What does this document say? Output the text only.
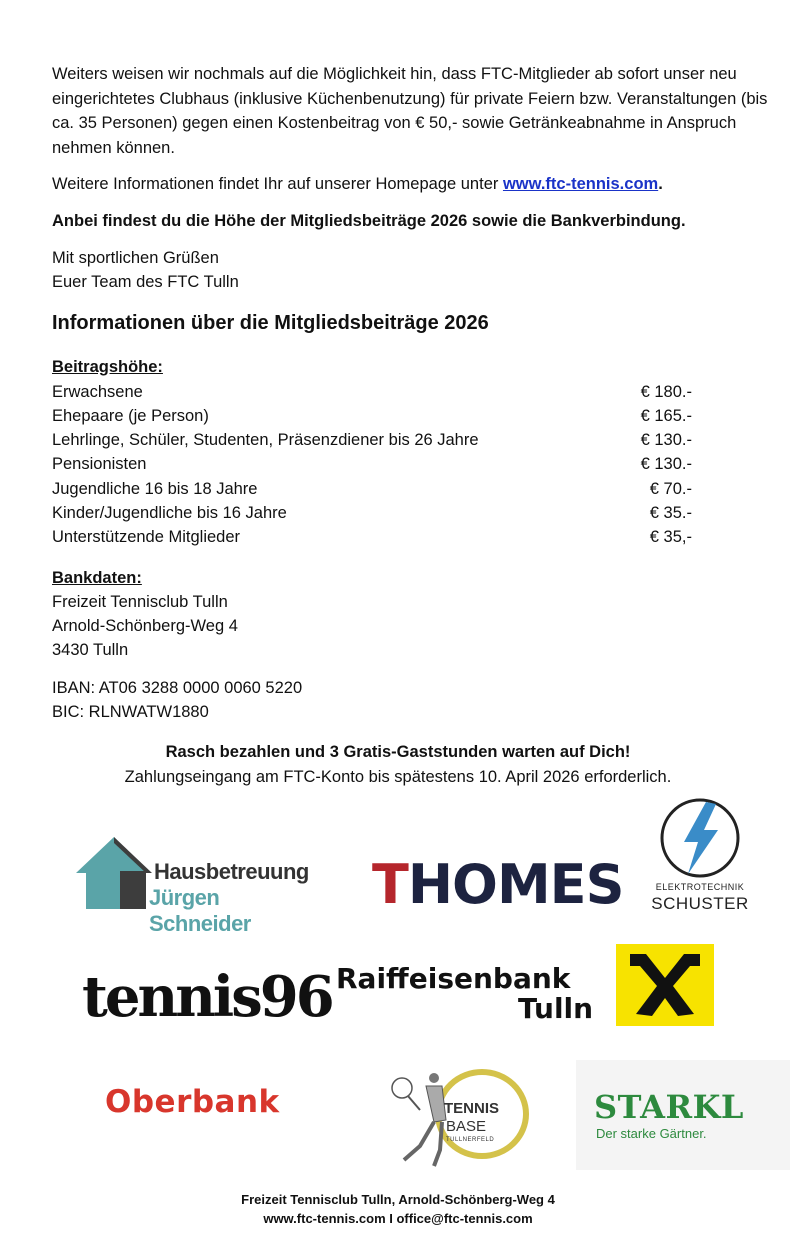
Weiters weisen wir nochmals auf die Möglichkeit hin, dass FTC-Mitglieder ab sofort unser neu eingerichtetes Clubhaus (inklusive Küchenbenutzung) für private Feiern bzw. Veranstaltungen (bis ca. 35 Personen) gegen einen Kostenbeitrag von € 50,- sowie Getränkeabnahme in Anspruch nehmen können.

Weitere Informationen findet Ihr auf unserer Homepage unter www.ftc-tennis.com.

Anbei findest du die Höhe der Mitgliedsbeiträge 2026 sowie die Bankverbindung.

Mit sportlichen Grüßen

Euer Team des FTC Tulln

Informationen über die Mitgliedsbeiträge 2026

Beitragshöhe:

Erwachsene	€ 180.-
Ehepaare (je Person)	€ 165.-
Lehrlinge, Schüler, Studenten, Präsenzdiener bis 26 Jahre	€ 130.-
Pensionisten	€ 130.-
Jugendliche 16 bis 18 Jahre	€ 70.-
Kinder/Jugendliche bis 16 Jahre	€ 35.-
Unterstützende Mitglieder	€ 35,-

Bankdaten:

Freizeit Tennisclub Tulln

Arnold-Schönberg-Weg 4

3430 Tulln

IBAN: AT06 3288 0000 0060 5220

BIC: RLNWATW1880

Rasch bezahlen und 3 Gratis-Gaststunden warten auf Dich!

Zahlungseingang am FTC-Konto bis spätestens 10. April 2026 erforderlich.

Hausbetreuung
Jürgen Schneider
THOMES	ELEKTROTECHNIK
SCHUSTER
tennis96 Raiffeisenbank
Tulln
Oberbank	TENNIS
BASE
TULLNERFELD
STARKL
Der starke Gärtner.

Freizeit Tennisclub Tulln, Arnold-Schönberg-Weg 4

www.ftc-tennis.com I office@ftc-tennis.com
